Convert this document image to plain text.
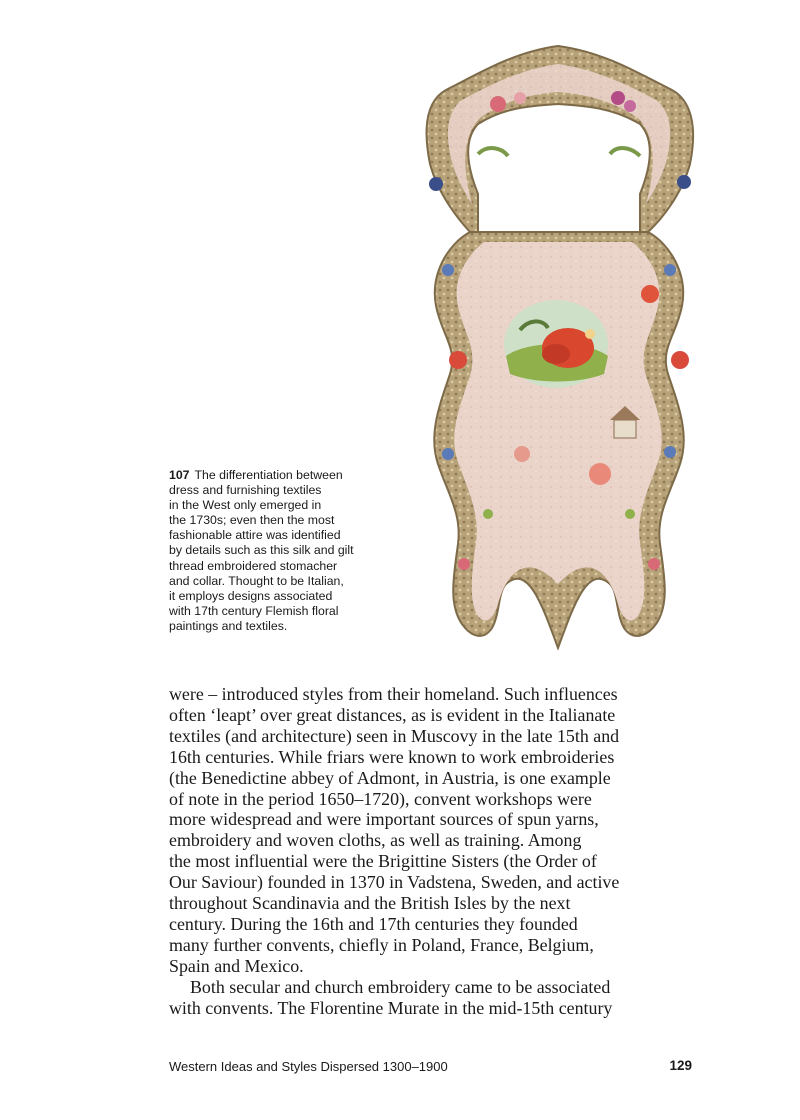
107 The differentiation between
dress and furnishing textiles
in the West only emerged in
the 1730s; even then the most
fashionable attire was identified
by details such as this silk and gilt
thread embroidered stomacher
and collar. Thought to be Italian,
it employs designs associated
with 17th century Flemish floral
paintings and textiles.
were – introduced styles from their homeland. Such influences
often ‘leapt’ over great distances, as is evident in the Italianate
textiles (and architecture) seen in Muscovy in the late 15th and
16th centuries. While friars were known to work embroideries
(the Benedictine abbey of Admont, in Austria, is one example
of note in the period 1650–1720), convent workshops were
more widespread and were important sources of spun yarns,
embroidery and woven cloths, as well as training. Among
the most influential were the Brigittine Sisters (the Order of
Our Saviour) founded in 1370 in Vadstena, Sweden, and active
throughout Scandinavia and the British Isles by the next
century. During the 16th and 17th centuries they founded
many further convents, chiefly in Poland, France, Belgium,
Spain and Mexico.
Both secular and church embroidery came to be associated
with convents. The Florentine Murate in the mid-15th century
Western Ideas and Styles Dispersed 1300–1900	129
